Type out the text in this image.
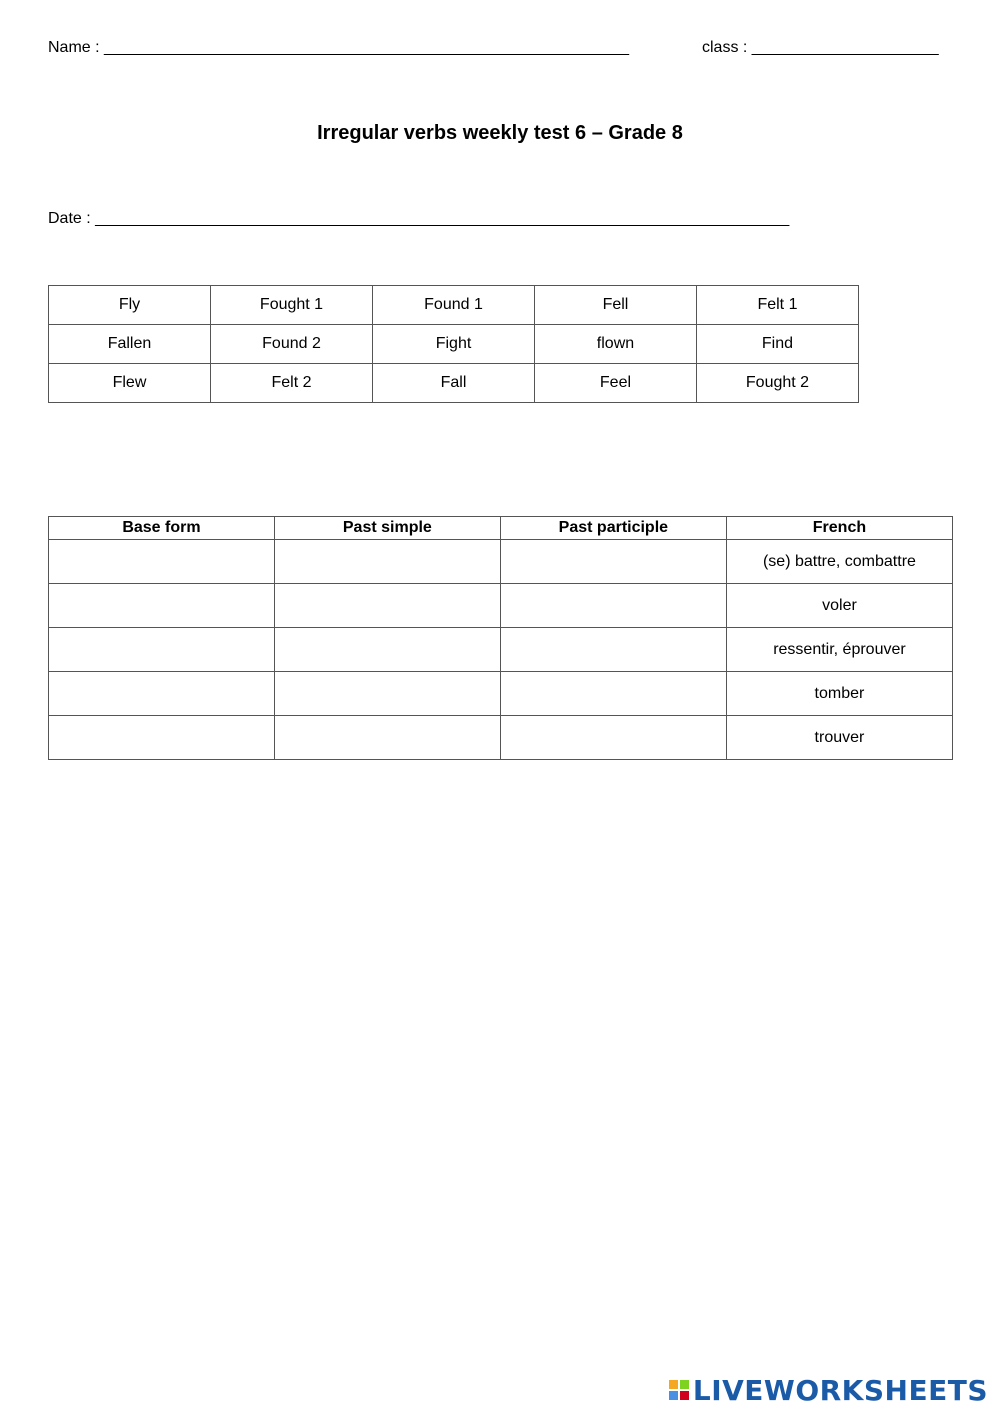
Name : ___________________________________________________________	class : _____________________
Irregular verbs weekly test 6 – Grade 8
Date : ______________________________________________________________________________
Fly	Fought 1	Found 1	Fell	Felt 1
Fallen	Found 2	Fight	flown	Find
Flew	Felt 2	Fall	Feel	Fought 2
Base form	Past simple	Past participle	French
			(se) battre, combattre
			voler
			ressentir, éprouver
			tomber
			trouver
LIVEWORKSHEETS
